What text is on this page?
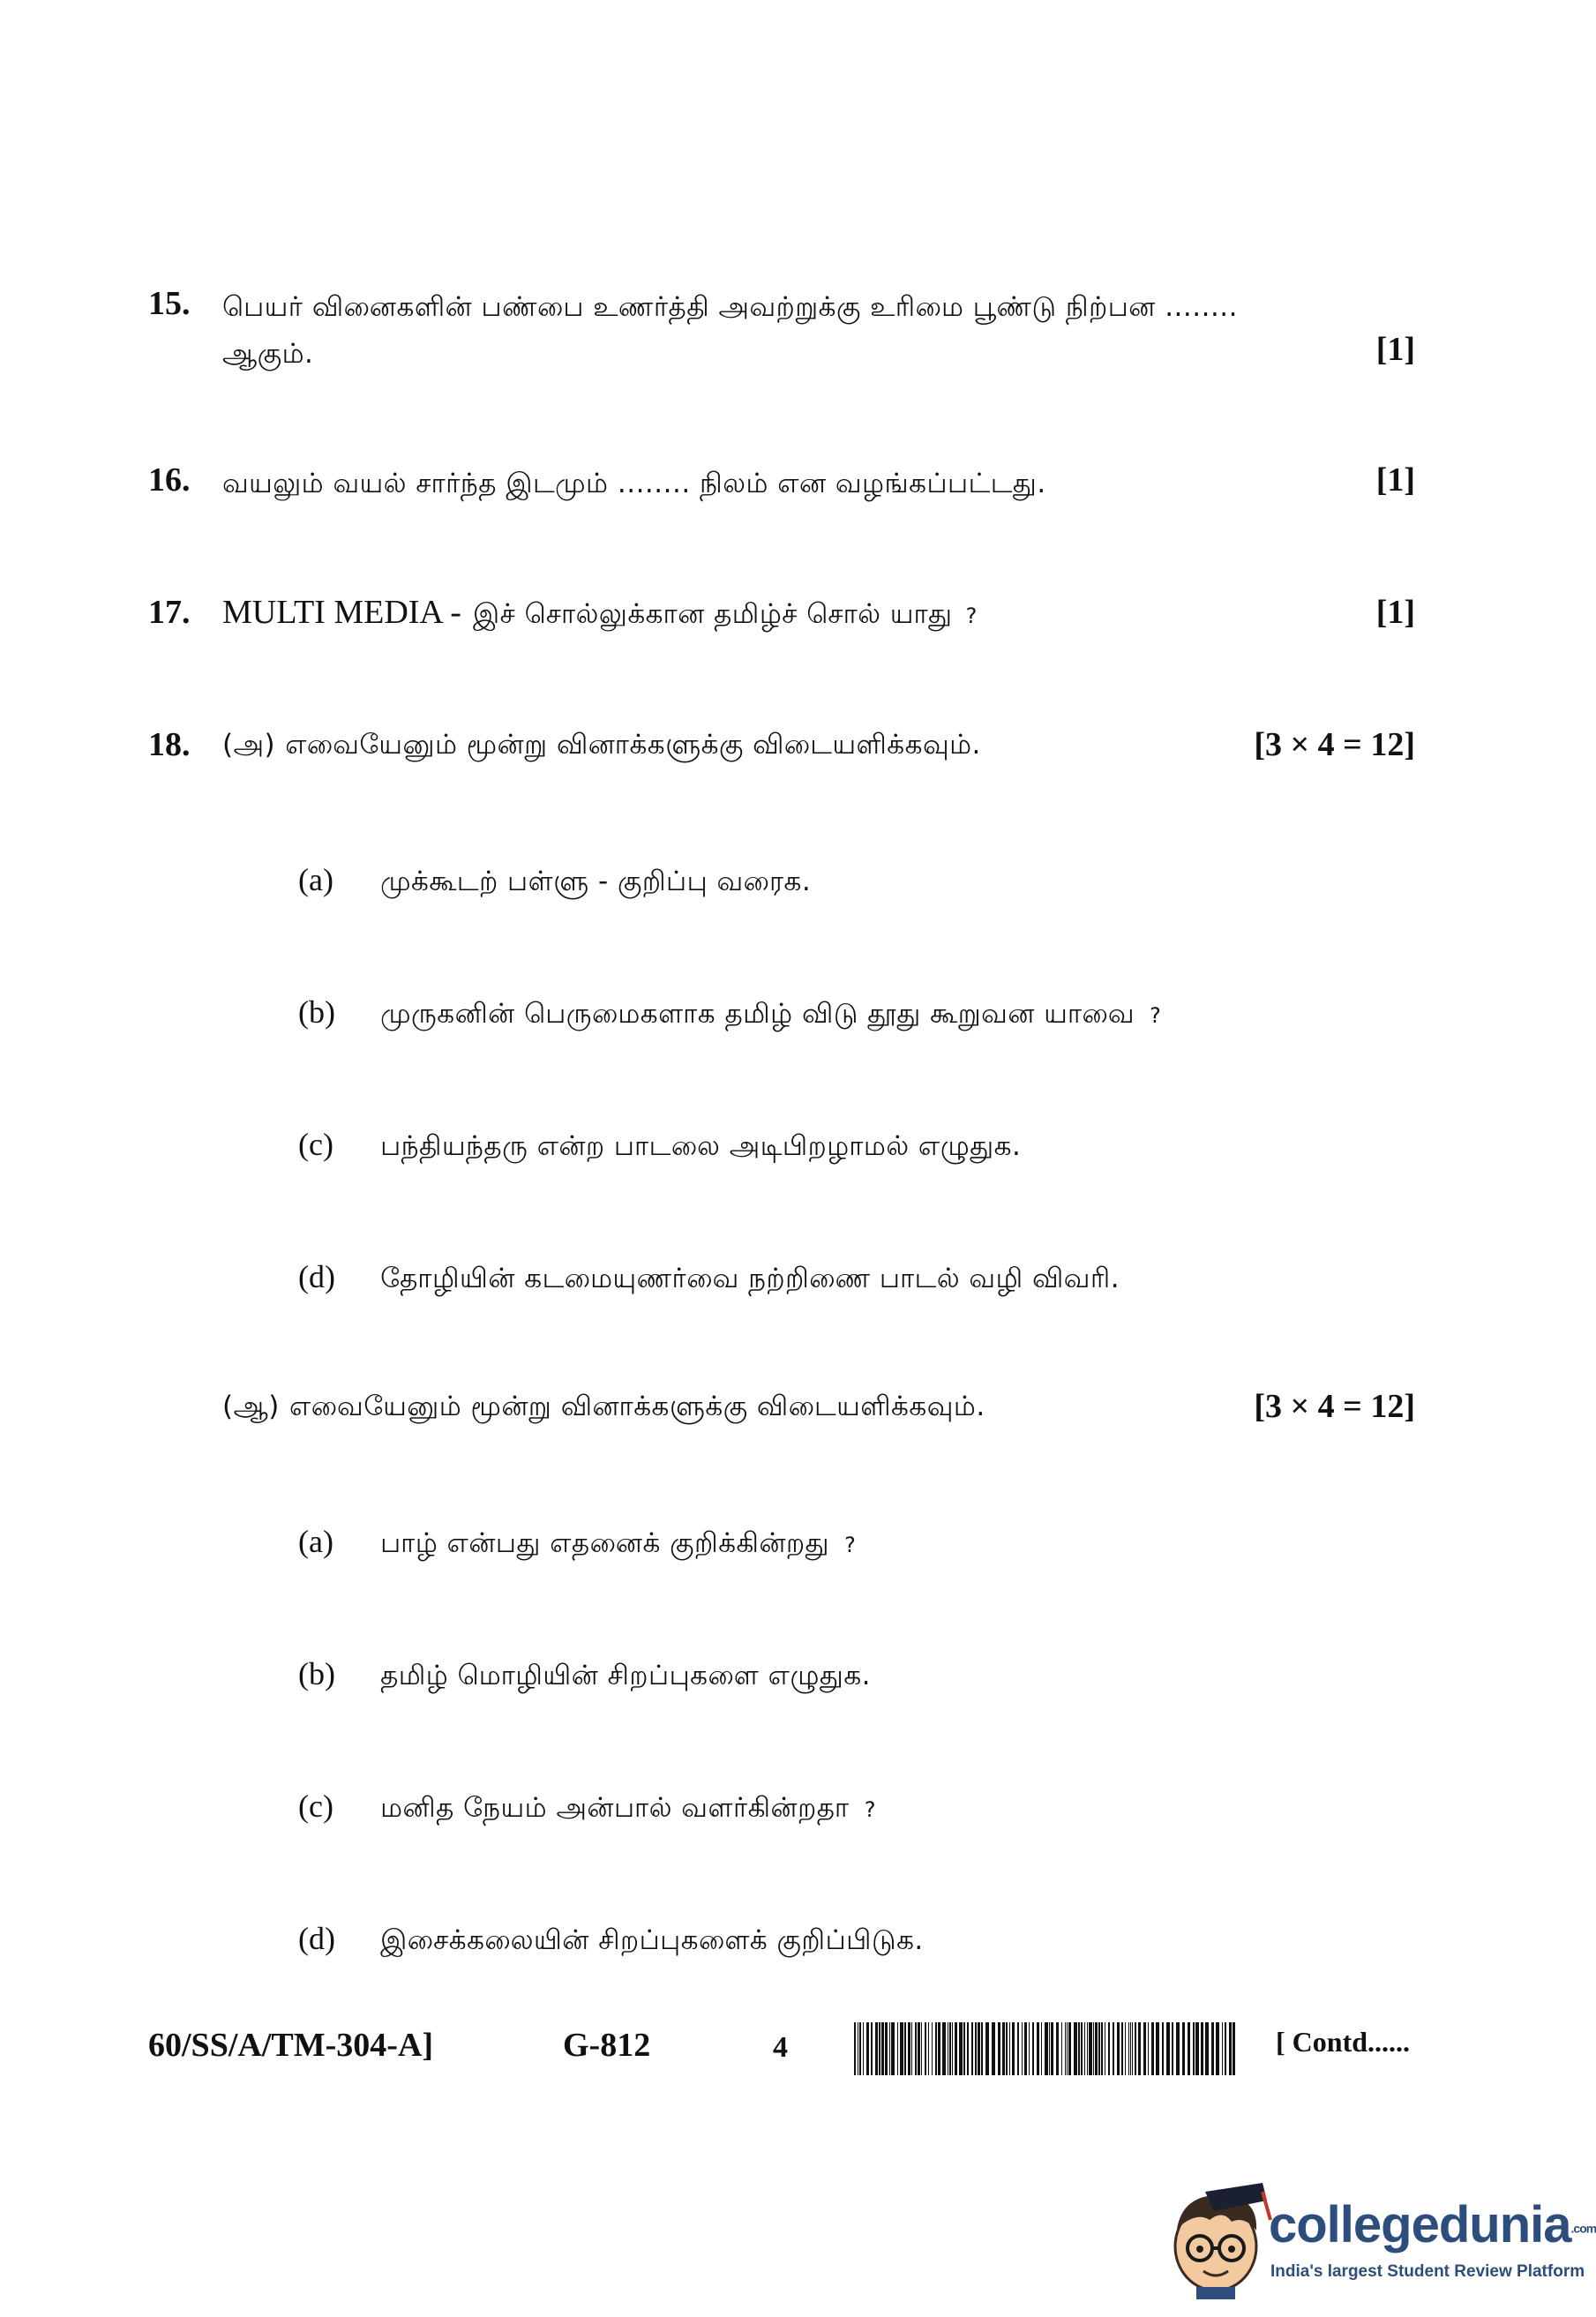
15. பெயர் வினைகளின் பண்பை உணர்த்தி அவற்றுக்கு உரிமை பூண்டு நிற்பன ........
ஆகும்.	[1]
16. வயலும் வயல் சார்ந்த இடமும் ........ நிலம் என வழங்கப்பட்டது.	[1]
17. MULTI MEDIA - இச் சொல்லுக்கான தமிழ்ச் சொல் யாது ?	[1]
18. (அ) எவையேனும் மூன்று வினாக்களுக்கு விடையளிக்கவும்.	[3 × 4 = 12]
(a) முக்கூடற் பள்ளு - குறிப்பு வரைக.
(b) முருகனின் பெருமைகளாக தமிழ் விடு தூது கூறுவன யாவை ?
(c) பந்தியந்தரு என்ற பாடலை அடிபிறழாமல் எழுதுக.
(d) தோழியின் கடமையுணர்வை நற்றிணை பாடல் வழி விவரி.
(ஆ) எவையேனும் மூன்று வினாக்களுக்கு விடையளிக்கவும்.	[3 × 4 = 12]
(a) பாழ் என்பது எதனைக் குறிக்கின்றது ?
(b) தமிழ் மொழியின் சிறப்புகளை எழுதுக.
(c) மனித நேயம் அன்பால் வளர்கின்றதா ?
(d) இசைக்கலையின் சிறப்புகளைக் குறிப்பிடுக.
60/SS/A/TM-304-A]	G-812	4	[ Contd......
collegedunia.com
India's largest Student Review Platform
